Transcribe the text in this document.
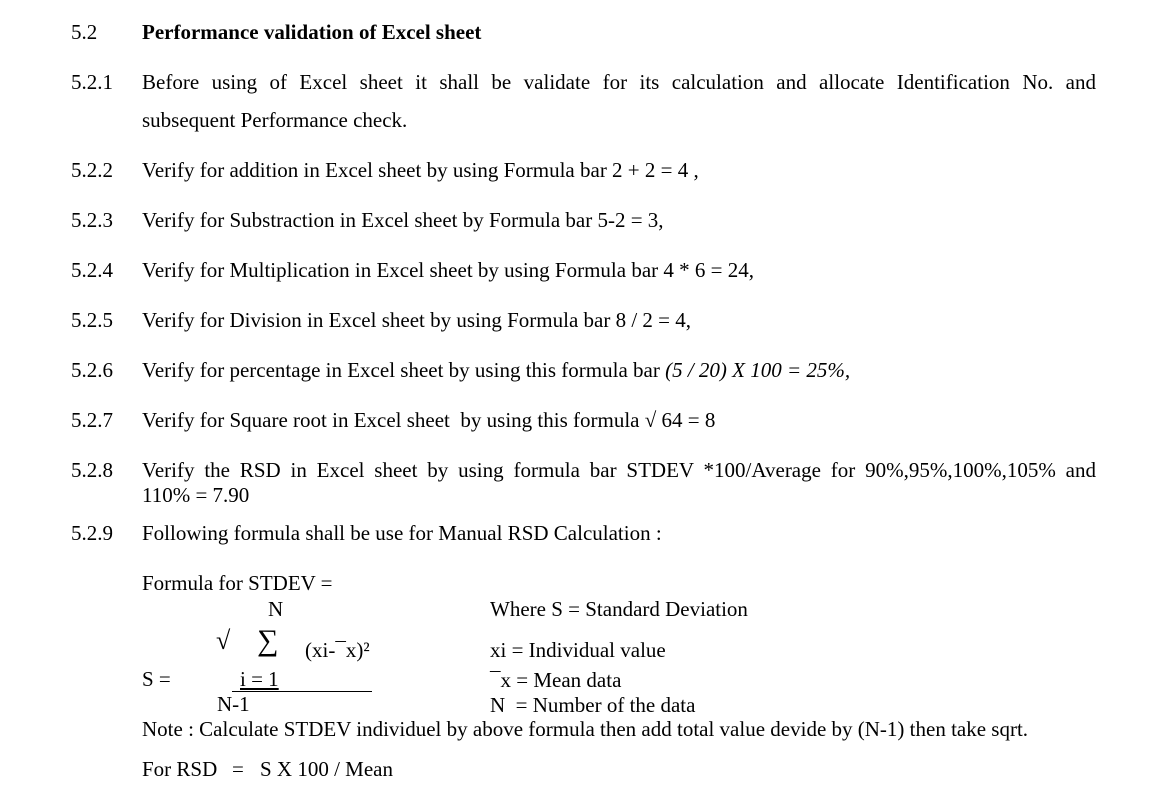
5.2 Performance validation of Excel sheet
5.2.1 Before using of Excel sheet it shall be validate for its calculation and allocate Identification No. and
subsequent Performance check.
5.2.2 Verify for addition in Excel sheet by using Formula bar 2 + 2 = 4 ,
5.2.3 Verify for Substraction in Excel sheet by Formula bar 5-2 = 3,
5.2.4 Verify for Multiplication in Excel sheet by using Formula bar 4 * 6 = 24,
5.2.5 Verify for Division in Excel sheet by using Formula bar 8 / 2 = 4,
5.2.6 Verify for percentage in Excel sheet by using this formula bar (5 / 20) X 100 = 25%,
5.2.7 Verify for Square root in Excel sheet  by using this formula √ 64 = 8
5.2.8 Verify the RSD in Excel sheet by using formula bar STDEV *100/Average for 90%,95%,100%,105% and
110% = 7.90
5.2.9 Following formula shall be use for Manual RSD Calculation :
Formula for STDEV =
N
√ ∑ (xi-¯x)²
S =	i = 1
N-1
Where S = Standard Deviation
xi = Individual value
¯x = Mean data
N  = Number of the data
Note : Calculate STDEV individuel by above formula then add total value devide by (N-1) then take sqrt.
For RSD = S X 100 / Mean
